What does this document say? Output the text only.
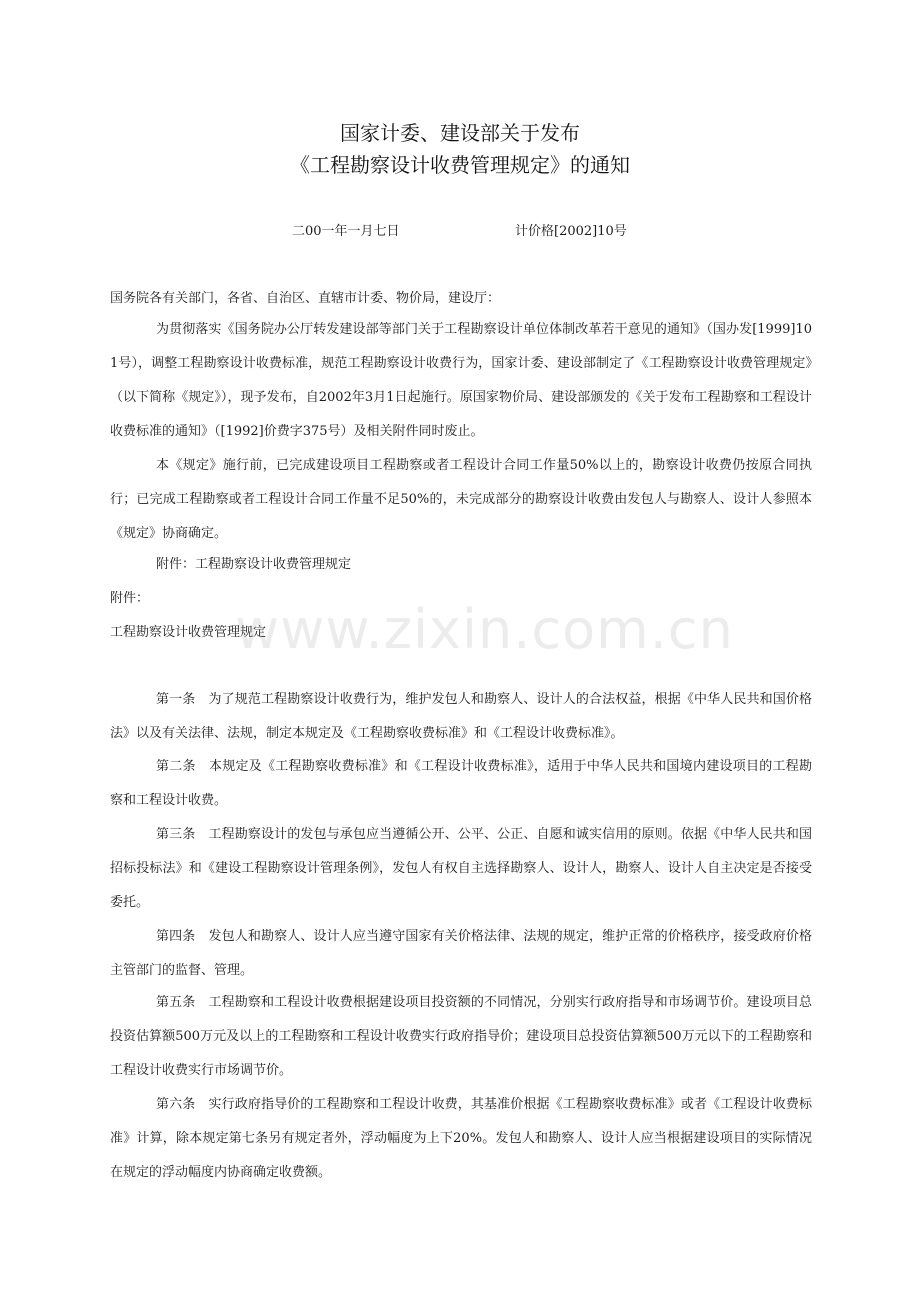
国家计委、建设部关于发布
《工程勘察设计收费管理规定》的通知
二00一年一月七日	计价格[2002]10号

国务院各有关部门，各省、自治区、直辖市计委、物价局，建设厅：

为贯彻落实《国务院办公厅转发建设部等部门关于工程勘察设计单位体制改革若干意见的通知》（国办发[1999]101号），调整工程勘察设计收费标准，规范工程勘察设计收费行为，国家计委、建设部制定了《工程勘察设计收费管理规定》（以下简称《规定》），现予发布，自2002年3月1日起施行。原国家物价局、建设部颁发的《关于发布工程勘察和工程设计收费标准的通知》（[1992]价费字375号）及相关附件同时废止。

本《规定》施行前，已完成建设项目工程勘察或者工程设计合同工作量50%以上的，勘察设计收费仍按原合同执行；已完成工程勘察或者工程设计合同工作量不足50%的，未完成部分的勘察设计收费由发包人与勘察人、设计人参照本《规定》协商确定。

附件：工程勘察设计收费管理规定

附件：

工程勘察设计收费管理规定

www.zixin.com.cn

第一条　为了规范工程勘察设计收费行为，维护发包人和勘察人、设计人的合法权益，根据《中华人民共和国价格法》以及有关法律、法规，制定本规定及《工程勘察收费标准》和《工程设计收费标准》。

第二条　本规定及《工程勘察收费标准》和《工程设计收费标准》，适用于中华人民共和国境内建设项目的工程勘察和工程设计收费。

第三条　工程勘察设计的发包与承包应当遵循公开、公平、公正、自愿和诚实信用的原则。依据《中华人民共和国招标投标法》和《建设工程勘察设计管理条例》，发包人有权自主选择勘察人、设计人，勘察人、设计人自主决定是否接受委托。

第四条　发包人和勘察人、设计人应当遵守国家有关价格法律、法规的规定，维护正常的价格秩序，接受政府价格主管部门的监督、管理。

第五条　工程勘察和工程设计收费根据建设项目投资额的不同情况，分别实行政府指导和市场调节价。建设项目总投资估算额500万元及以上的工程勘察和工程设计收费实行政府指导价；建设项目总投资估算额500万元以下的工程勘察和工程设计收费实行市场调节价。

第六条　实行政府指导价的工程勘察和工程设计收费，其基准价根据《工程勘察收费标准》或者《工程设计收费标准》计算，除本规定第七条另有规定者外，浮动幅度为上下20%。发包人和勘察人、设计人应当根据建设项目的实际情况在规定的浮动幅度内协商确定收费额。
